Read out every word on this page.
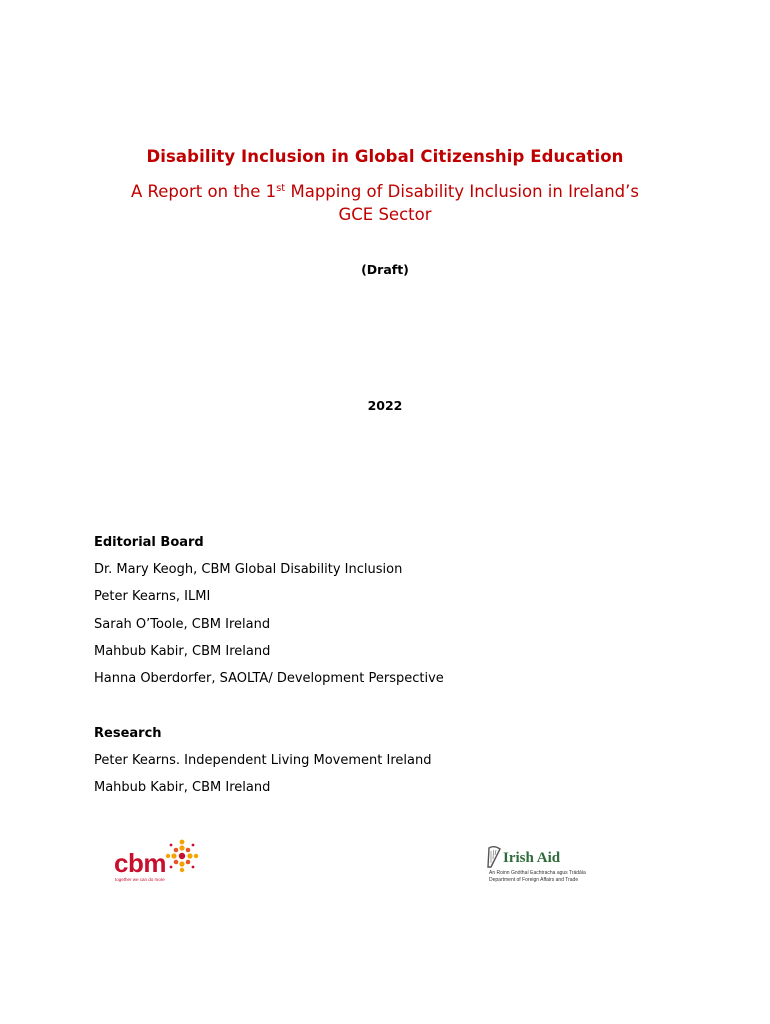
Disability Inclusion in Global Citizenship Education
A Report on the 1st Mapping of Disability Inclusion in Ireland’s
GCE Sector
(Draft)
2022
Editorial Board
Dr. Mary Keogh, CBM Global Disability Inclusion
Peter Kearns, ILMI
Sarah O’Toole, CBM Ireland
Mahbub Kabir, CBM Ireland
Hanna Oberdorfer, SAOLTA/ Development Perspective
Research
Peter Kearns. Independent Living Movement Ireland
Mahbub Kabir, CBM Ireland
cbm
together we can do more
Irish Aid
An Roinn Gnóthaí Eachtracha agus Trádála
Department of Foreign Affairs and Trade
